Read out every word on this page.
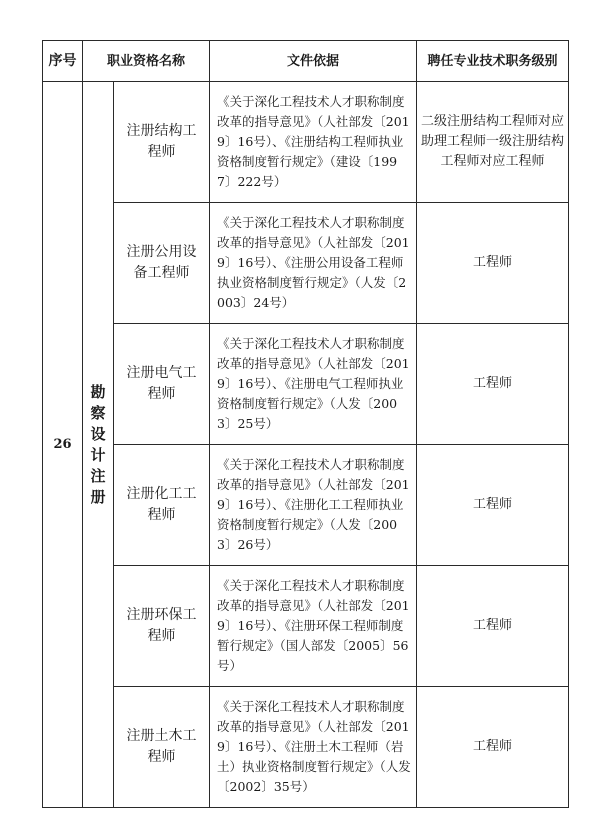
序号	职业资格名称		文件依据	聘任专业技术职务级别
26	勘察设计注册	注册结构工程师	《关于深化工程技术人才职称制度改革的指导意见》（人社部发〔2019〕16号）、《注册结构工程师执业资格制度暂行规定》（建设〔1997〕222号）	二级注册结构工程师对应助理工程师一级注册结构工程师对应工程师
		注册公用设备工程师	《关于深化工程技术人才职称制度改革的指导意见》（人社部发〔2019〕16号）、《注册公用设备工程师执业资格制度暂行规定》（人发〔2003〕24号）	工程师
		注册电气工程师	《关于深化工程技术人才职称制度改革的指导意见》（人社部发〔2019〕16号）、《注册电气工程师执业资格制度暂行规定》（人发〔2003〕25号）	工程师
		注册化工工程师	《关于深化工程技术人才职称制度改革的指导意见》（人社部发〔2019〕16号）、《注册化工工程师执业资格制度暂行规定》（人发〔2003〕26号）	工程师
		注册环保工程师	《关于深化工程技术人才职称制度改革的指导意见》（人社部发〔2019〕16号）、《注册环保工程师制度暂行规定》（国人部发〔2005〕56号）	工程师
		注册土木工程师	《关于深化工程技术人才职称制度改革的指导意见》（人社部发〔2019〕16号）、《注册土木工程师（岩土）执业资格制度暂行规定》（人发〔2002〕35号）	工程师
